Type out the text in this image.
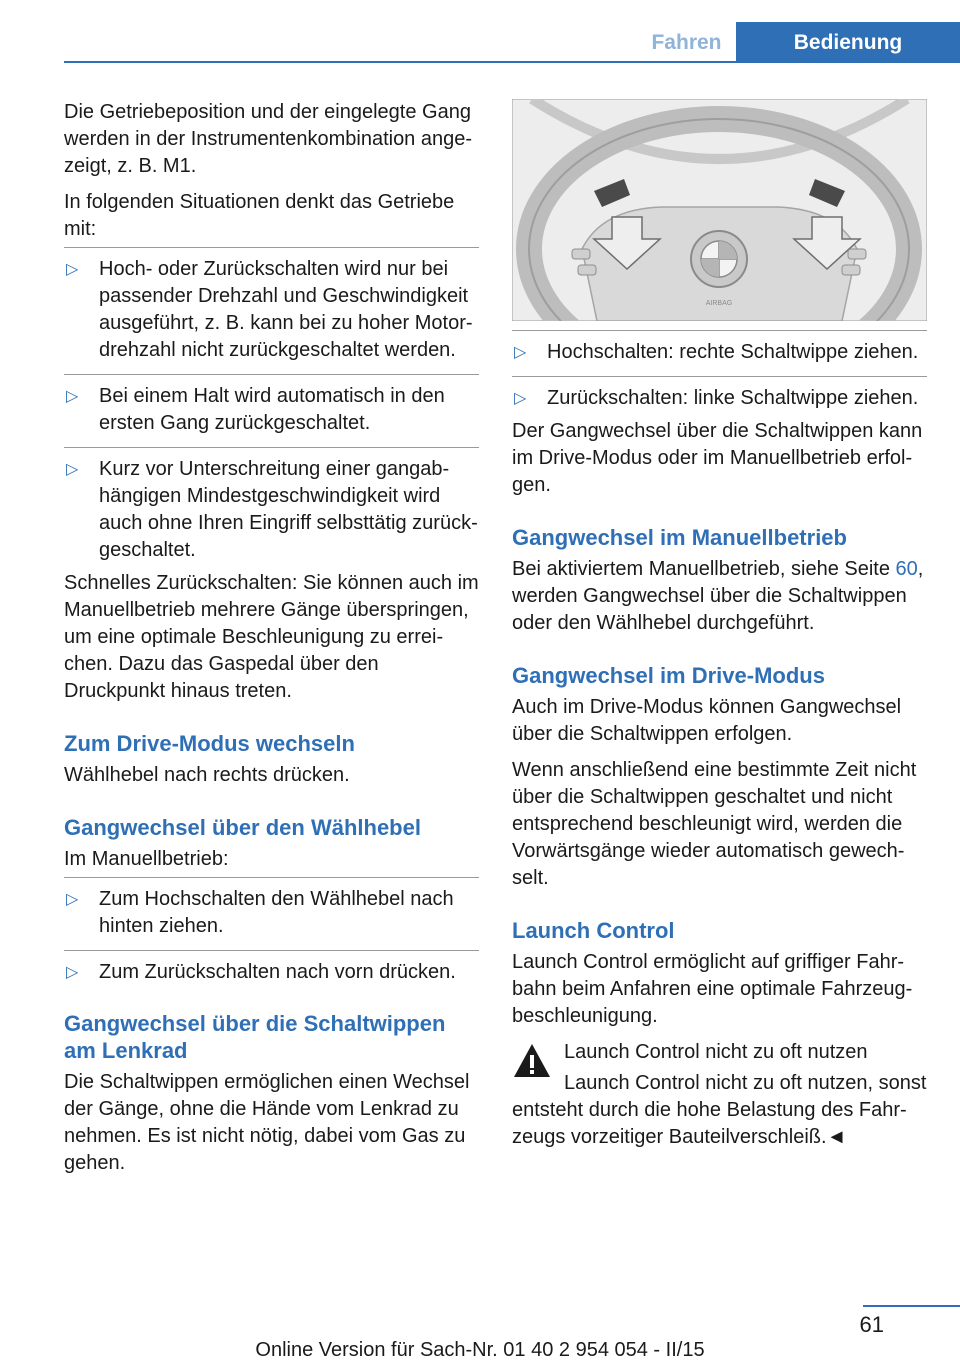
Fahren	Bedienung

Die Getriebeposition und der eingelegte Gang werden in der Instrumentenkombination ange‐zeigt, z. B. M1.

In folgenden Situationen denkt das Getriebe mit:

▷ Hoch- oder Zurückschalten wird nur bei passender Drehzahl und Geschwindigkeit ausgeführt, z. B. kann bei zu hoher Motor‐drehzahl nicht zurückgeschaltet werden.
▷ Bei einem Halt wird automatisch in den ersten Gang zurückgeschaltet.
▷ Kurz vor Unterschreitung einer gangab‐hängigen Mindestgeschwindigkeit wird auch ohne Ihren Eingriff selbsttätig zurück‐geschaltet.

Schnelles Zurückschalten: Sie können auch im Manuellbetrieb mehrere Gänge überspringen, um eine optimale Beschleunigung zu errei‐chen. Dazu das Gaspedal über den Druckpunkt hinaus treten.

Zum Drive-Modus wechseln

Wählhebel nach rechts drücken.

Gangwechsel über den Wählhebel

Im Manuellbetrieb:

▷ Zum Hochschalten den Wählhebel nach hinten ziehen.
▷ Zum Zurückschalten nach vorn drücken.
Gangwechsel über die Schaltwippen am Lenkrad

Die Schaltwippen ermöglichen einen Wechsel der Gänge, ohne die Hände vom Lenkrad zu nehmen. Es ist nicht nötig, dabei vom Gas zu gehen.

AIRBAG
▷ Hochschalten: rechte Schaltwippe ziehen.
▷ Zurückschalten: linke Schaltwippe ziehen.

Der Gangwechsel über die Schaltwippen kann im Drive-Modus oder im Manuellbetrieb erfol‐gen.

Gangwechsel im Manuellbetrieb

Bei aktiviertem Manuellbetrieb, siehe Seite 60, werden Gangwechsel über die Schaltwippen oder den Wählhebel durchgeführt.

Gangwechsel im Drive-Modus

Auch im Drive-Modus können Gangwechsel über die Schaltwippen erfolgen.

Wenn anschließend eine bestimmte Zeit nicht über die Schaltwippen geschaltet und nicht entsprechend beschleunigt wird, werden die Vorwärtsgänge wieder automatisch gewech‐selt.

Launch Control

Launch Control ermöglicht auf griffiger Fahr‐bahn beim Anfahren eine optimale Fahrzeug‐beschleunigung.

Launch Control nicht zu oft nutzen

Launch Control nicht zu oft nutzen, sonst entsteht durch die hohe Belastung des Fahr‐zeugs vorzeitiger Bauteilverschleiß.◄

61
Online Version für Sach-Nr. 01 40 2 954 054 - II/15
